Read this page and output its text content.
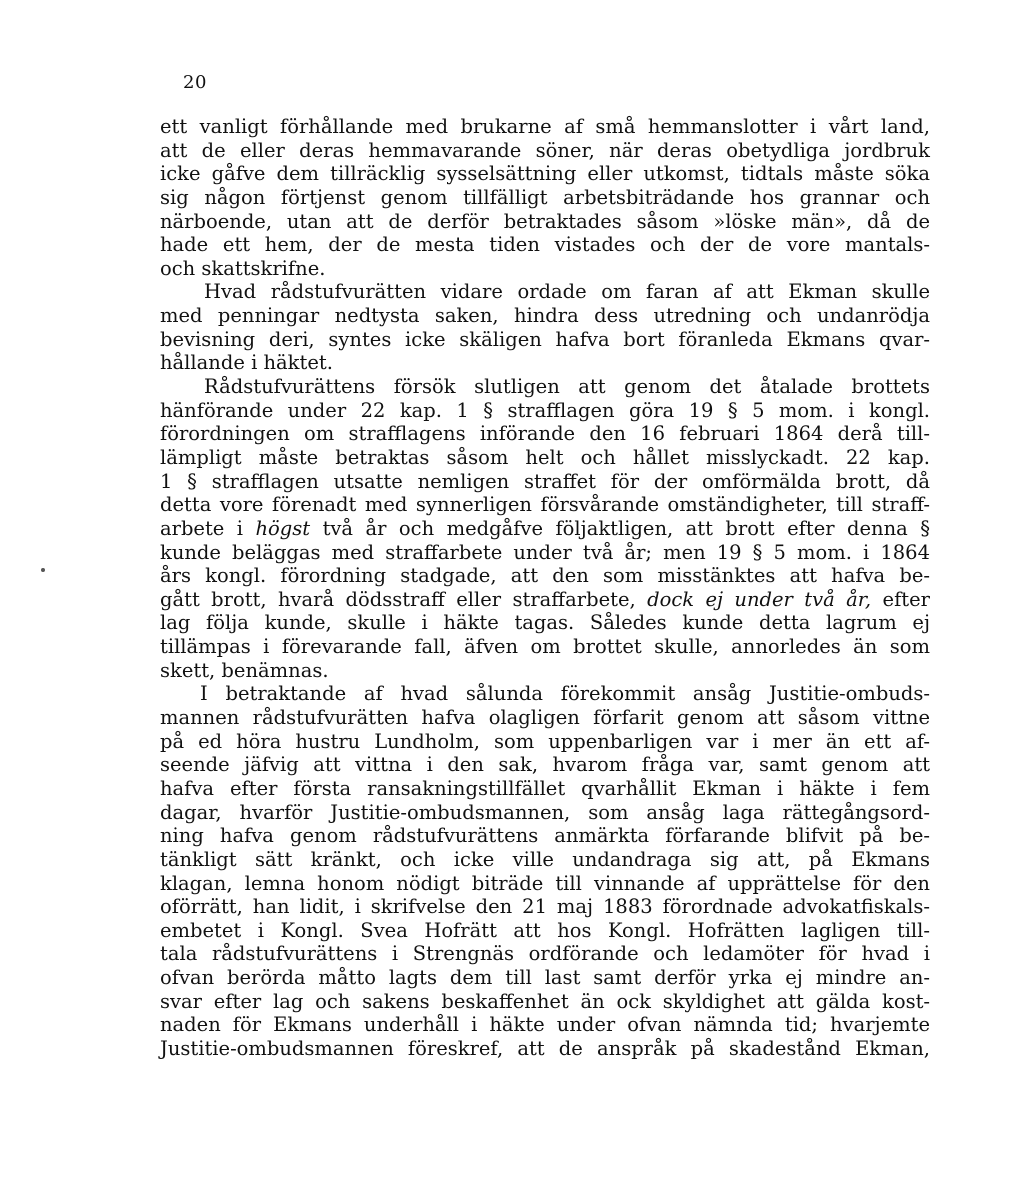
20
ett vanligt förhållande med brukarne af små hemmanslotter i vårt land,
att de eller deras hemmavarande söner, när deras obetydliga jordbruk
icke gåfve dem tillräcklig sysselsättning eller utkomst, tidtals måste söka
sig någon förtjenst genom tillfälligt arbetsbiträdande hos grannar och
närboende, utan att de derför betraktades såsom »löske män», då de
hade ett hem, der de mesta tiden vistades och der de vore mantals-
och skattskrifne.
Hvad rådstufvurätten vidare ordade om faran af att Ekman skulle
med penningar nedtysta saken, hindra dess utredning och undanrödja
bevisning deri, syntes icke skäligen hafva bort föranleda Ekmans qvar-
hållande i häktet.
Rådstufvurättens försök slutligen att genom det åtalade brottets
hänförande under 22 kap. 1 § strafflagen göra 19 § 5 mom. i kongl.
förordningen om strafflagens införande den 16 februari 1864 derå till-
lämpligt måste betraktas såsom helt och hållet misslyckadt. 22 kap.
1 § strafflagen utsatte nemligen straffet för der omförmälda brott, då
detta vore förenadt med synnerligen försvårande omständigheter, till straff-
arbete i högst två år och medgåfve följaktligen, att brott efter denna §
kunde beläggas med straffarbete under två år; men 19 § 5 mom. i 1864
års kongl. förordning stadgade, att den som misstänktes att hafva be-
gått brott, hvarå dödsstraff eller straffarbete, dock ej under två år, efter
lag följa kunde, skulle i häkte tagas. Således kunde detta lagrum ej
tillämpas i förevarande fall, äfven om brottet skulle, annorledes än som
skett, benämnas.
I betraktande af hvad sålunda förekommit ansåg Justitie-ombuds-
mannen rådstufvurätten hafva olagligen förfarit genom att såsom vittne
på ed höra hustru Lundholm, som uppenbarligen var i mer än ett af-
seende jäfvig att vittna i den sak, hvarom fråga var, samt genom att
hafva efter första ransakningstillfället qvarhållit Ekman i häkte i fem
dagar, hvarför Justitie-ombudsmannen, som ansåg laga rättegångsord-
ning hafva genom rådstufvurättens anmärkta förfarande blifvit på be-
tänkligt sätt kränkt, och icke ville undandraga sig att, på Ekmans
klagan, lemna honom nödigt biträde till vinnande af upprättelse för den
oförrätt, han lidit, i skrifvelse den 21 maj 1883 förordnade advokatfiskals-
embetet i Kongl. Svea Hofrätt att hos Kongl. Hofrätten lagligen till-
tala rådstufvurättens i Strengnäs ordförande och ledamöter för hvad i
ofvan berörda måtto lagts dem till last samt derför yrka ej mindre an-
svar efter lag och sakens beskaffenhet än ock skyldighet att gälda kost-
naden för Ekmans underhåll i häkte under ofvan nämnda tid; hvarjemte
Justitie-ombudsmannen föreskref, att de anspråk på skadestånd Ekman,
